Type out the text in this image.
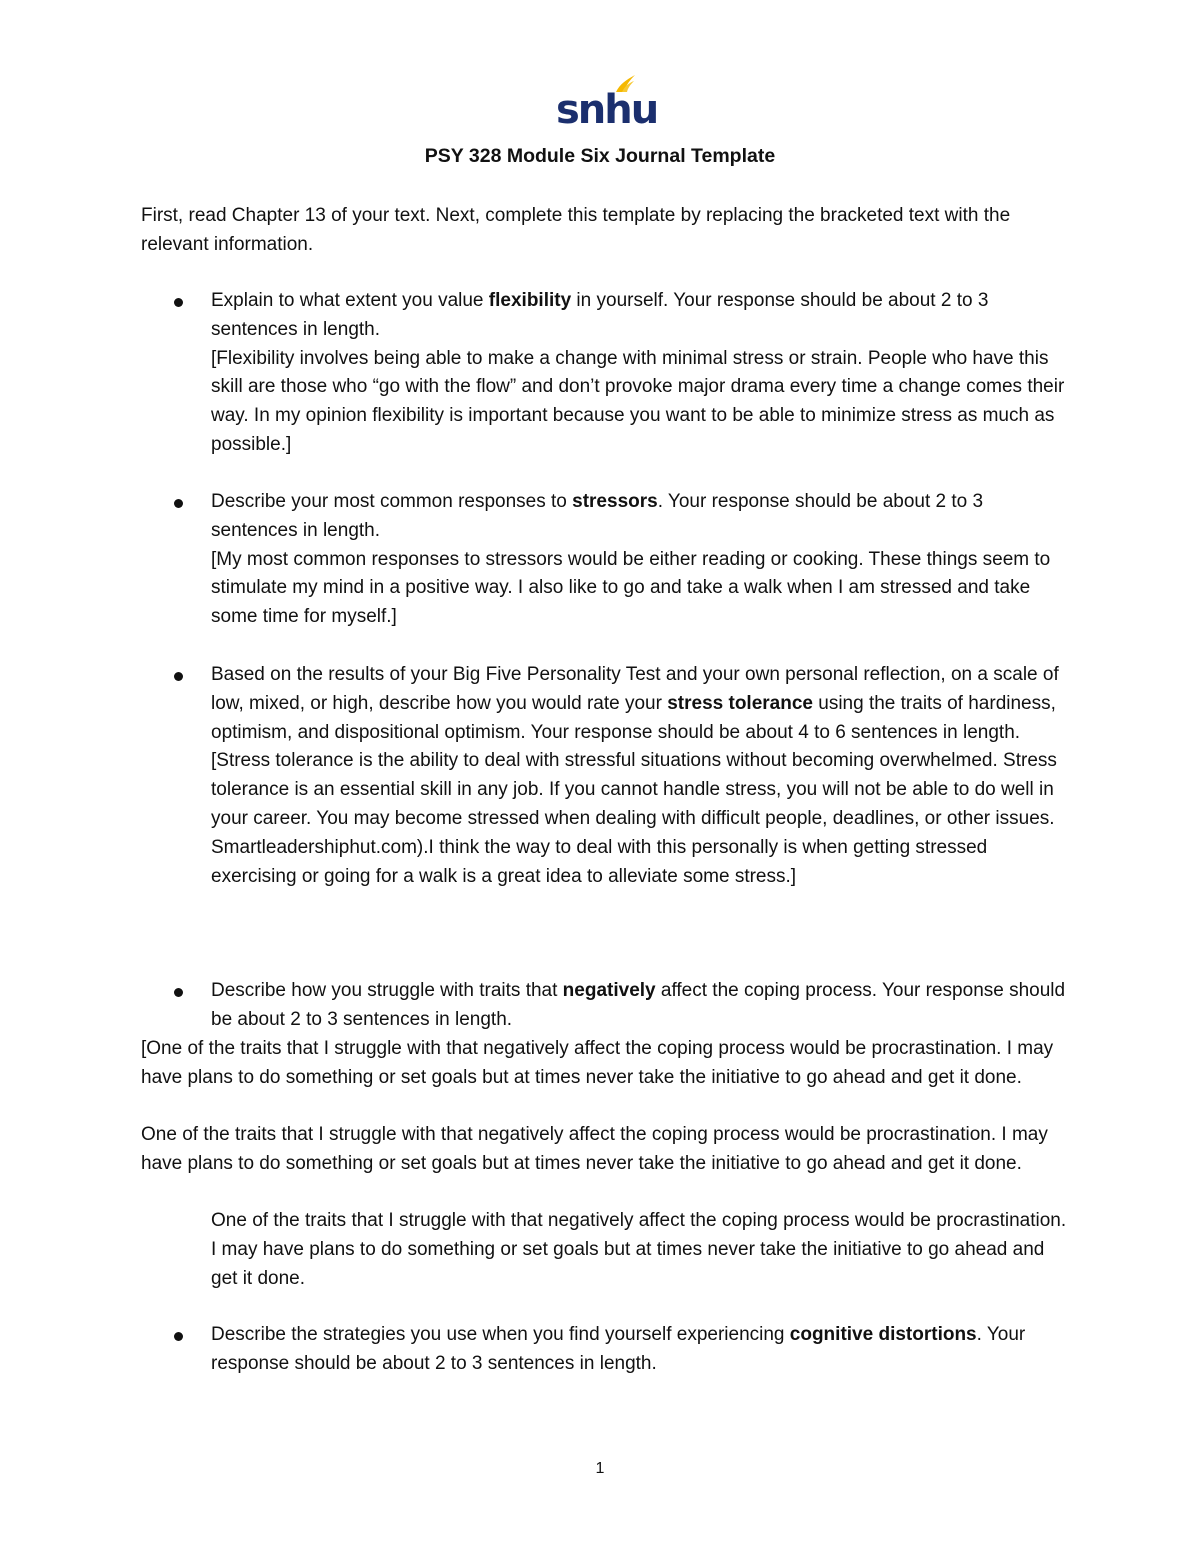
snhu
PSY 328 Module Six Journal Template
First, read Chapter 13 of your text. Next, complete this template by replacing the bracketed text with the relevant information.
Explain to what extent you value flexibility in yourself. Your response should be about 2 to 3 sentences in length.
[Flexibility involves being able to make a change with minimal stress or strain. People who have this skill are those who “go with the flow” and don’t provoke major drama every time a change comes their way. In my opinion flexibility is important because you want to be able to minimize stress as much as possible.]
Describe your most common responses to stressors. Your response should be about 2 to 3 sentences in length.
[My most common responses to stressors would be either reading or cooking. These things seem to stimulate my mind in a positive way. I also like to go and take a walk when I am stressed and take some time for myself.]
Based on the results of your Big Five Personality Test and your own personal reflection, on a scale of low, mixed, or high, describe how you would rate your stress tolerance using the traits of hardiness, optimism, and dispositional optimism. Your response should be about 4 to 6 sentences in length.
[Stress tolerance is the ability to deal with stressful situations without becoming overwhelmed. Stress tolerance is an essential skill in any job. If you cannot handle stress, you will not be able to do well in your career. You may become stressed when dealing with difficult people, deadlines, or other issues. Smartleadershiphut.com).I think the way to deal with this personally is when getting stressed exercising or going for a walk is a great idea to alleviate some stress.]
Describe how you struggle with traits that negatively affect the coping process. Your response should be about 2 to 3 sentences in length.
[One of the traits that I struggle with that negatively affect the coping process would be procrastination. I may have plans to do something or set goals but at times never take the initiative to go ahead and get it done.
One of the traits that I struggle with that negatively affect the coping process would be procrastination. I may have plans to do something or set goals but at times never take the initiative to go ahead and get it done.
One of the traits that I struggle with that negatively affect the coping process would be procrastination. I may have plans to do something or set goals but at times never take the initiative to go ahead and get it done.
Describe the strategies you use when you find yourself experiencing cognitive distortions. Your response should be about 2 to 3 sentences in length.
1
